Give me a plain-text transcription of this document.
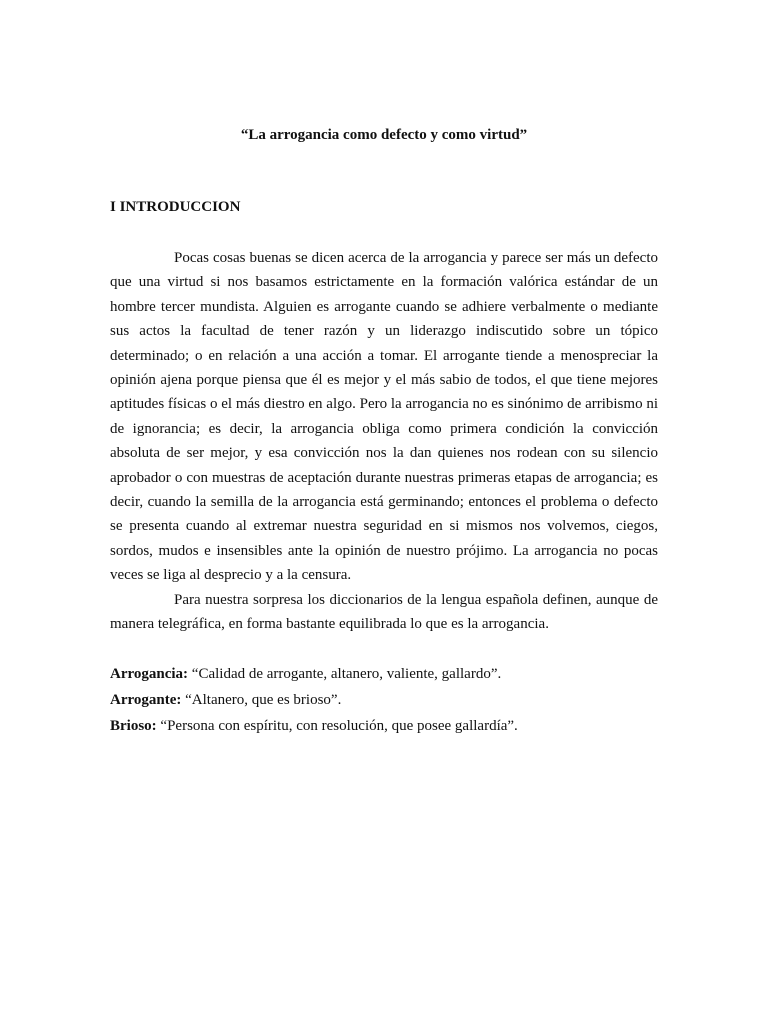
“La arrogancia como defecto y como virtud”

I INTRODUCCION

Pocas cosas buenas se dicen acerca de la arrogancia y parece ser más un defecto que una virtud si nos basamos estrictamente en la formación valórica estándar de un hombre tercer mundista. Alguien es arrogante cuando se adhiere verbalmente o mediante sus actos la facultad de tener razón y un liderazgo indiscutido sobre un tópico determinado; o en relación a una acción a tomar. El arrogante tiende a menospreciar la opinión ajena porque piensa que él es mejor y el más sabio de todos, el que tiene mejores aptitudes físicas o el más diestro en algo. Pero la arrogancia no es sinónimo de arribismo ni de ignorancia; es decir, la arrogancia obliga como primera condición la convicción absoluta de ser mejor, y esa convicción nos la dan quienes nos rodean con su silencio aprobador o con muestras de aceptación durante nuestras primeras etapas de arrogancia; es decir, cuando la semilla de la arrogancia está germinando; entonces el problema o defecto se presenta cuando al extremar nuestra seguridad en si mismos nos volvemos, ciegos, sordos, mudos e insensibles ante la opinión de nuestro prójimo. La arrogancia no pocas veces se liga al desprecio y a la censura.

Para nuestra sorpresa los diccionarios de la lengua española definen, aunque de manera telegráfica, en forma bastante equilibrada lo que es la arrogancia.

Arrogancia: “Calidad de arrogante, altanero, valiente, gallardo”.

Arrogante: “Altanero, que es brioso”.

Brioso: “Persona con espíritu, con resolución, que posee gallardía”.
